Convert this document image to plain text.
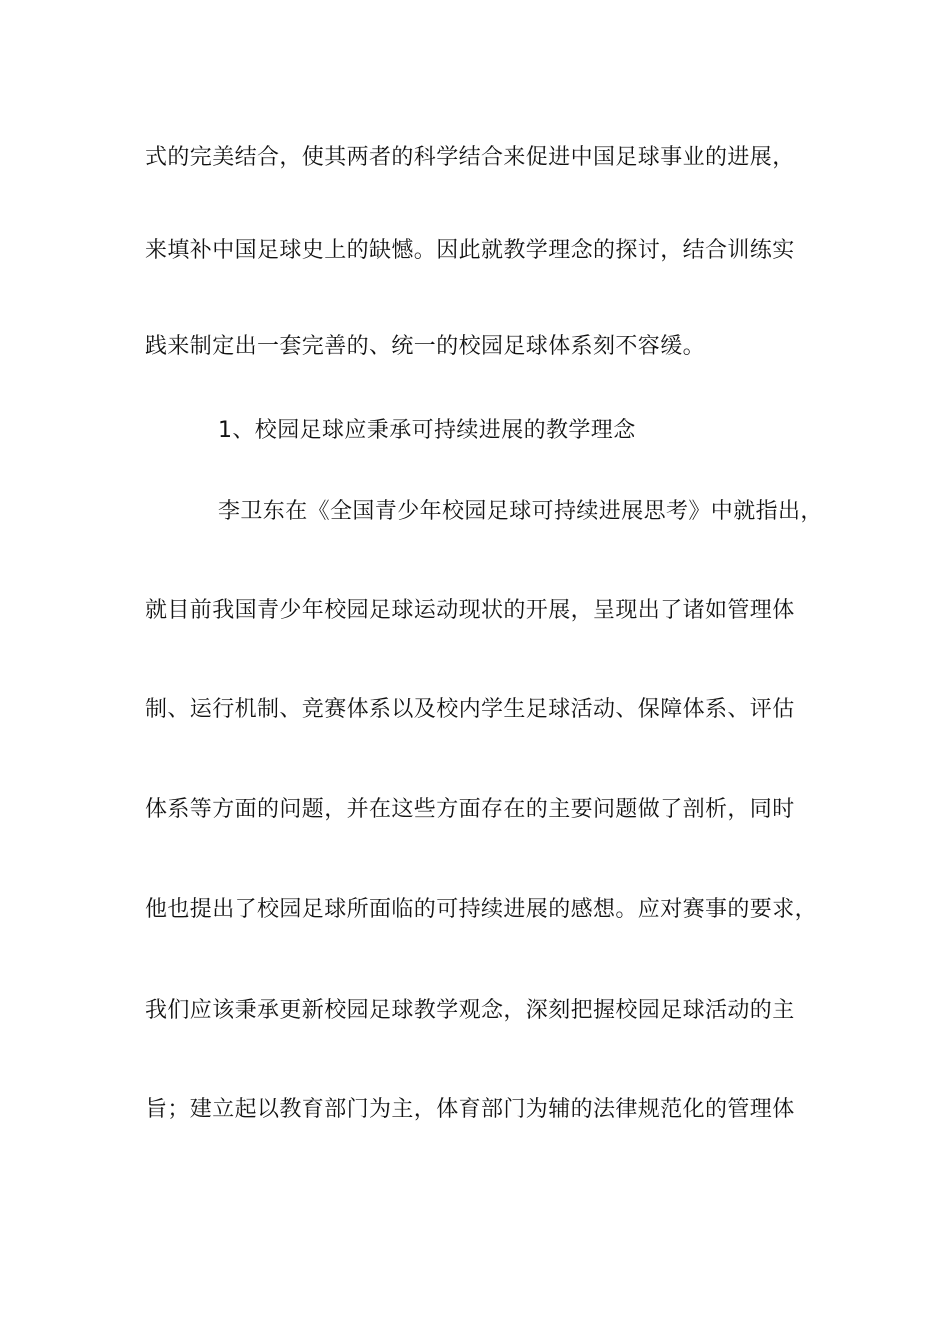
式的完美结合，使其两者的科学结合来促进中国足球事业的进展，
来填补中国足球史上的缺憾。因此就教学理念的探讨，结合训练实
践来制定出一套完善的、统一的校园足球体系刻不容缓。
1、校园足球应秉承可持续进展的教学理念
李卫东在《全国青少年校园足球可持续进展思考》中就指出，
就目前我国青少年校园足球运动现状的开展，呈现出了诸如管理体
制、运行机制、竞赛体系以及校内学生足球活动、保障体系、评估
体系等方面的问题，并在这些方面存在的主要问题做了剖析，同时
他也提出了校园足球所面临的可持续进展的感想。应对赛事的要求，
我们应该秉承更新校园足球教学观念，深刻把握校园足球活动的主
旨；建立起以教育部门为主，体育部门为辅的法律规范化的管理体
